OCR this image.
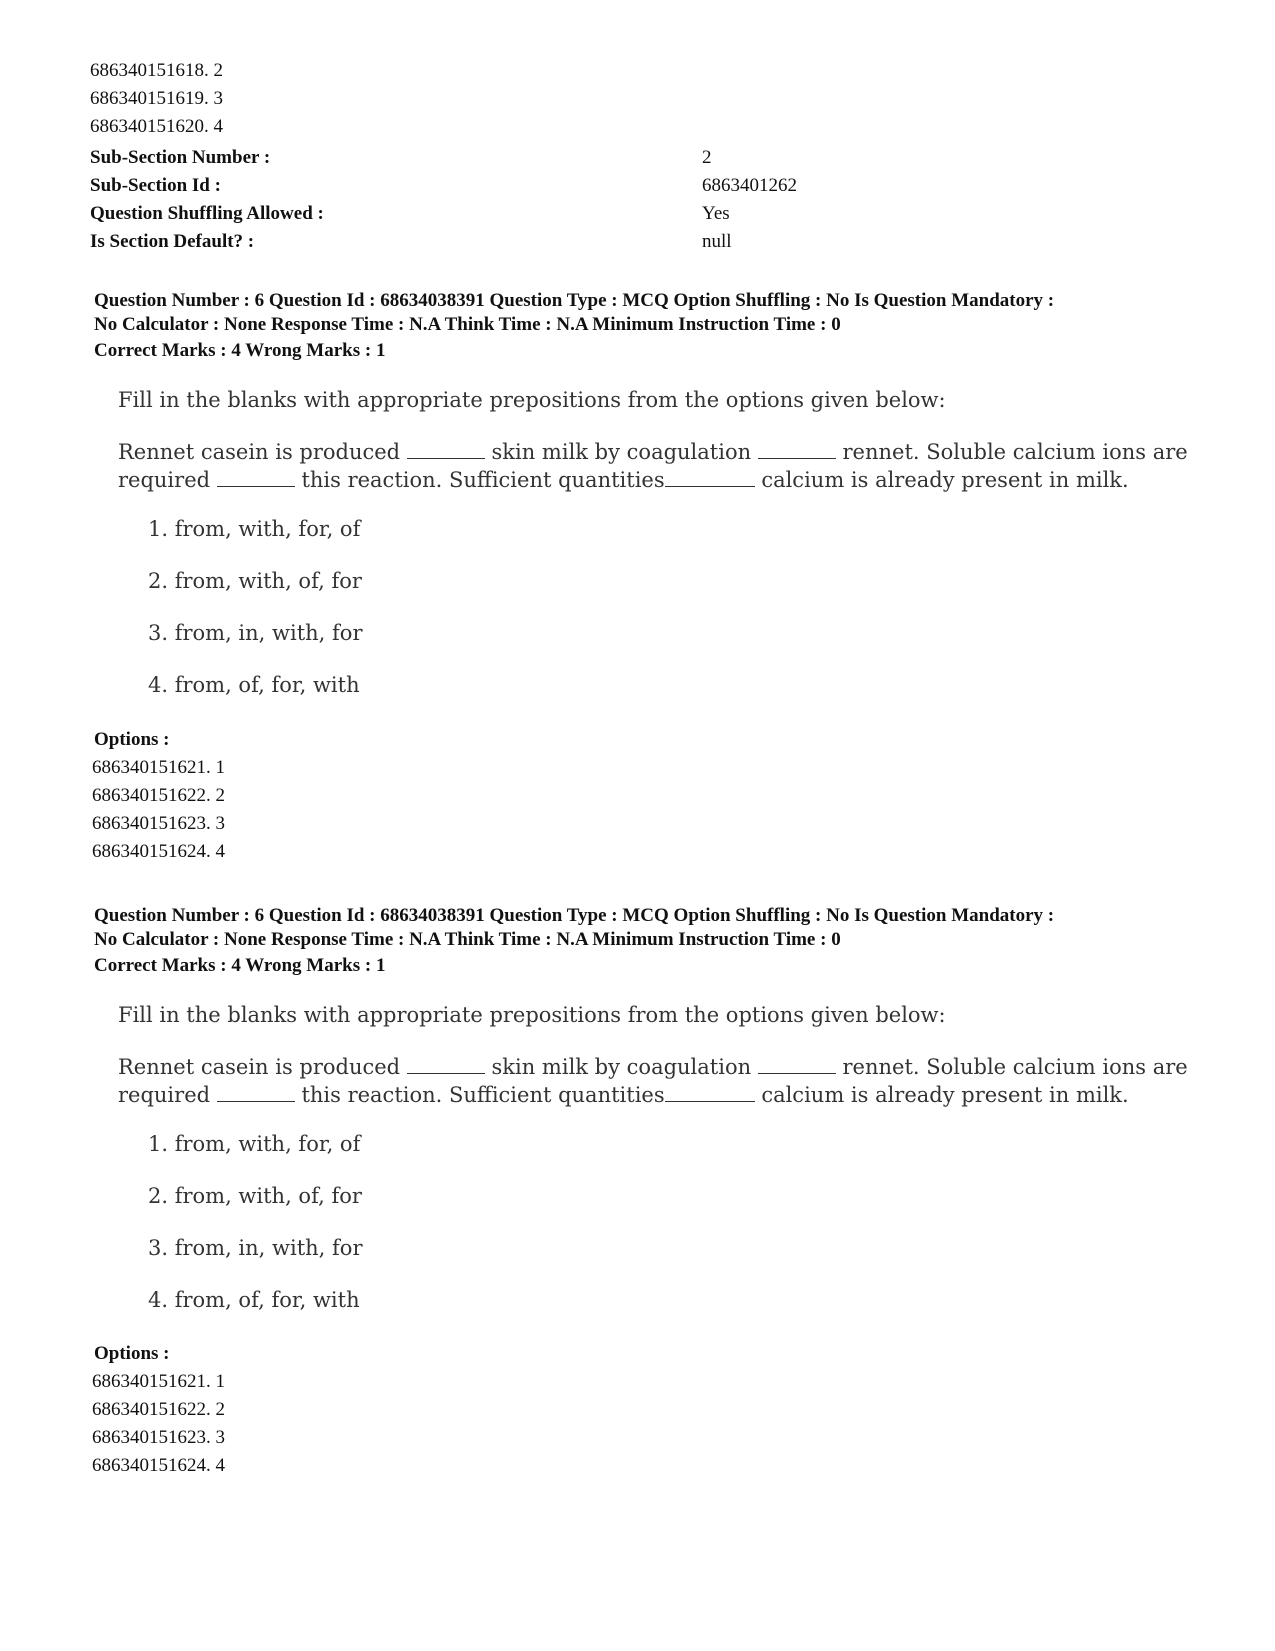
686340151618. 2
686340151619. 3
686340151620. 4
Sub-Section Number :	2
Sub-Section Id :	6863401262
Question Shuffling Allowed :	Yes
Is Section Default? :	null
Question Number : 6 Question Id : 68634038391 Question Type : MCQ Option Shuffling : No Is Question Mandatory :
No Calculator : None Response Time : N.A Think Time : N.A Minimum Instruction Time : 0
Correct Marks : 4 Wrong Marks : 1
Fill in the blanks with appropriate prepositions from the options given below:
Rennet casein is produced	skin milk by coagulation	rennet. Soluble calcium ions are
required	this reaction. Sufficient quantities	calcium is already present in milk.
1. from, with, for, of
2. from, with, of, for
3. from, in, with, for
4. from, of, for, with
Options :
686340151621. 1
686340151622. 2
686340151623. 3
686340151624. 4
Question Number : 6 Question Id : 68634038391 Question Type : MCQ Option Shuffling : No Is Question Mandatory :
No Calculator : None Response Time : N.A Think Time : N.A Minimum Instruction Time : 0
Correct Marks : 4 Wrong Marks : 1
Fill in the blanks with appropriate prepositions from the options given below:
Rennet casein is produced	skin milk by coagulation	rennet. Soluble calcium ions are
required	this reaction. Sufficient quantities	calcium is already present in milk.
1. from, with, for, of
2. from, with, of, for
3. from, in, with, for
4. from, of, for, with
Options :
686340151621. 1
686340151622. 2
686340151623. 3
686340151624. 4
